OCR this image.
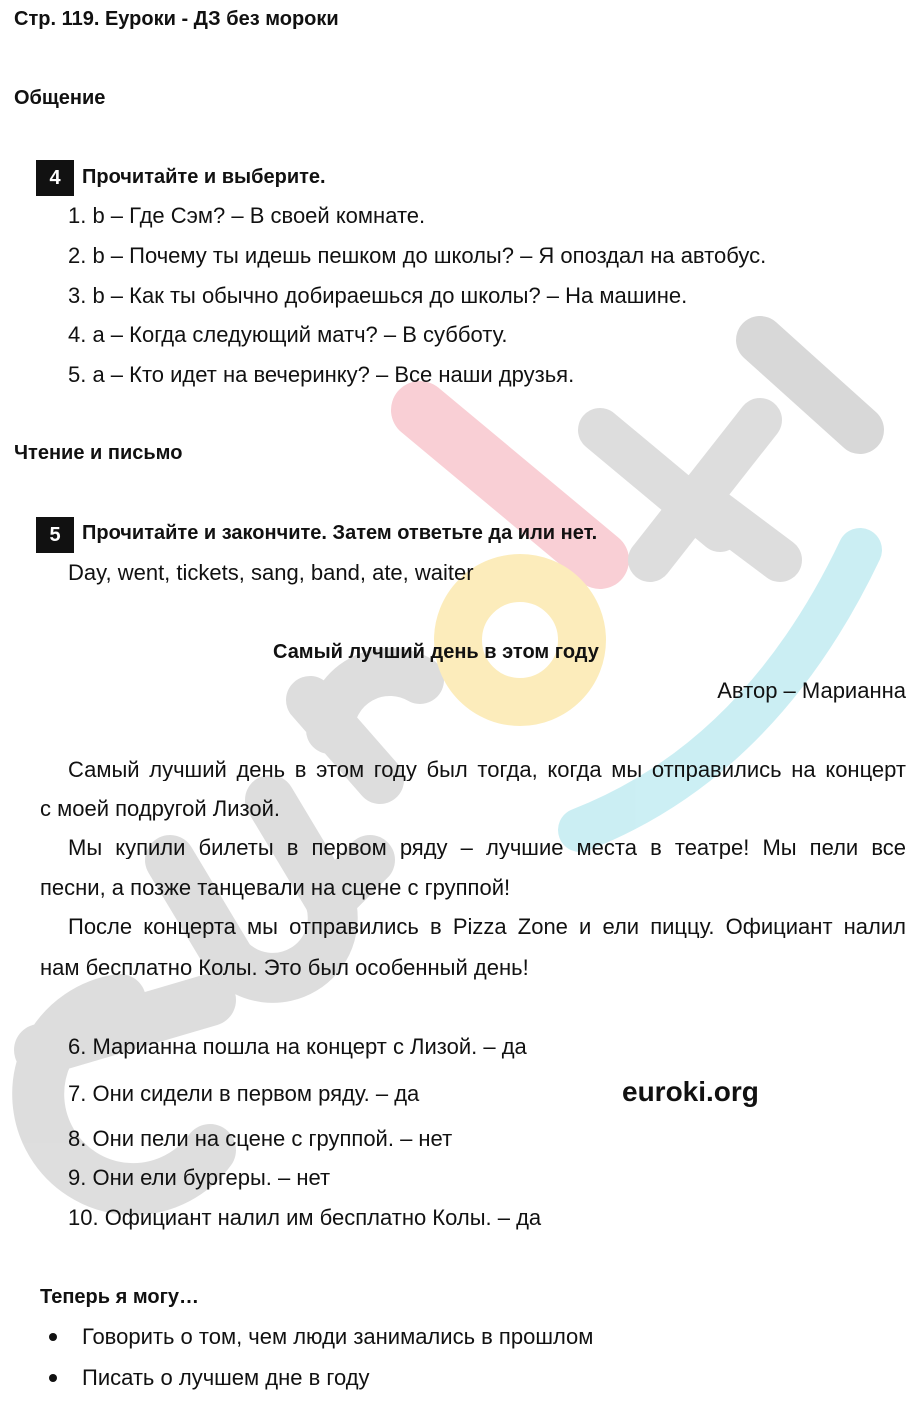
Стр. 119. Еуроки - ДЗ без мороки
Общение
4	Прочитайте и выберите.
1. b – Где Сэм? – В своей комнате.
2. b – Почему ты идешь пешком до школы? – Я опоздал на автобус.
3. b – Как ты обычно добираешься до школы? – На машине.
4. a – Когда следующий матч? – В субботу.
5. a – Кто идет на вечеринку? – Все наши друзья.
Чтение и письмо
5	Прочитайте и закончите. Затем ответьте да или нет.
Day, went, tickets, sang, band, ate, waiter
Самый лучший день в этом году
Автор – Марианна
Самый лучший день в этом году был тогда, когда мы отправились на концерт
с моей подругой Лизой.
Мы купили билеты в первом ряду – лучшие места в театре! Мы пели все
песни, а позже танцевали на сцене с группой!
После концерта мы отправились в Pizza Zone и ели пиццу. Официант налил
нам бесплатно Колы. Это был особенный день!
6. Марианна пошла на концерт с Лизой. – да
7. Они сидели в первом ряду. – да	euroki.org
8. Они пели на сцене с группой. – нет
9. Они ели бургеры. – нет
10. Официант налил им бесплатно Колы. – да
Теперь я могу…
Говорить о том, чем люди занимались в прошлом
Писать о лучшем дне в году
